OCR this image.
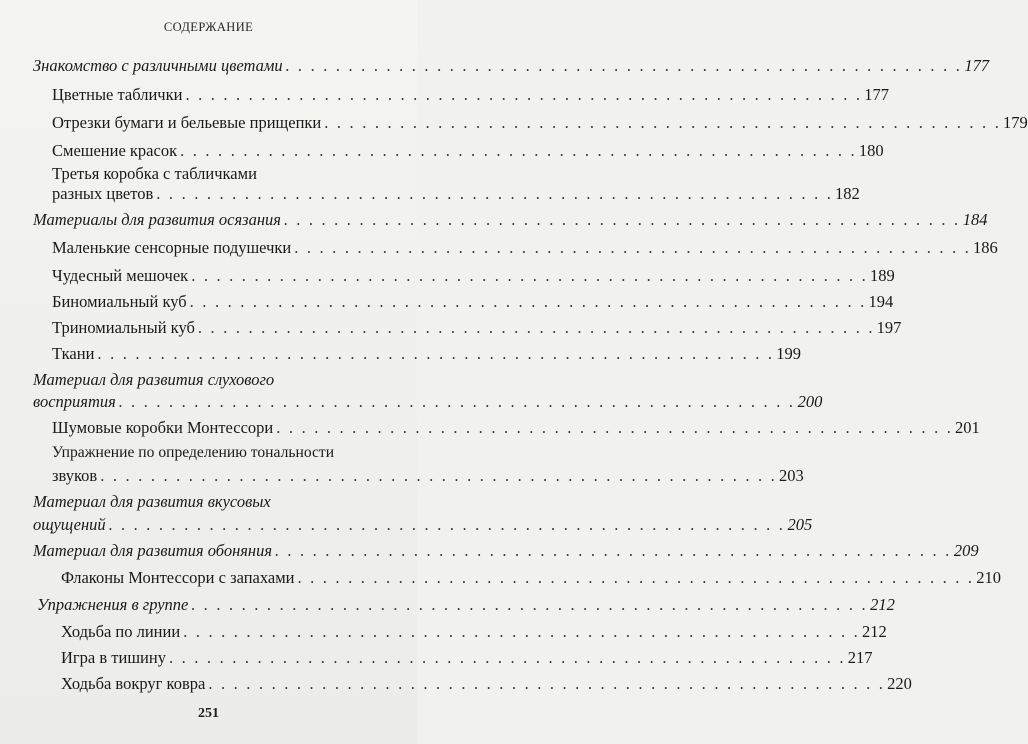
СОДЕРЖАНИЕ
Знакомство с различными цветами . . . . . . . . . . . . . . . . . . . . . . . . . . . . . . . . . . . . . . . . . . . . . . . . . . . . . . 177
Цветные таблички . . . . . . . . . . . . . . . . . . . . . . . . . . . . . . . . . . . . . . . . . . . . . . . . . . . . . . 177
Отрезки бумаги и бельевые прищепки . . . . . . . . . . . . . . . . . . . . . . . . . . . . . . . . . . . . . . . . . . . . . . . . . . . . . . 179
Смешение красок . . . . . . . . . . . . . . . . . . . . . . . . . . . . . . . . . . . . . . . . . . . . . . . . . . . . . . 180
Третья коробка с табличками
разных цветов . . . . . . . . . . . . . . . . . . . . . . . . . . . . . . . . . . . . . . . . . . . . . . . . . . . . . . 182
Материалы для развития осязания . . . . . . . . . . . . . . . . . . . . . . . . . . . . . . . . . . . . . . . . . . . . . . . . . . . . . . 184
Маленькие сенсорные подушечки . . . . . . . . . . . . . . . . . . . . . . . . . . . . . . . . . . . . . . . . . . . . . . . . . . . . . . 186
Чудесный мешочек . . . . . . . . . . . . . . . . . . . . . . . . . . . . . . . . . . . . . . . . . . . . . . . . . . . . . . 189
Биномиальный куб . . . . . . . . . . . . . . . . . . . . . . . . . . . . . . . . . . . . . . . . . . . . . . . . . . . . . . 194
Триномиальный куб . . . . . . . . . . . . . . . . . . . . . . . . . . . . . . . . . . . . . . . . . . . . . . . . . . . . . . 197
Ткани . . . . . . . . . . . . . . . . . . . . . . . . . . . . . . . . . . . . . . . . . . . . . . . . . . . . . . 199
Материал для развития слухового
восприятия . . . . . . . . . . . . . . . . . . . . . . . . . . . . . . . . . . . . . . . . . . . . . . . . . . . . . . 200
Шумовые коробки Монтессори . . . . . . . . . . . . . . . . . . . . . . . . . . . . . . . . . . . . . . . . . . . . . . . . . . . . . . 201
Упражнение по определению тональности
звуков . . . . . . . . . . . . . . . . . . . . . . . . . . . . . . . . . . . . . . . . . . . . . . . . . . . . . . 203
Материал для развития вкусовых
ощущений . . . . . . . . . . . . . . . . . . . . . . . . . . . . . . . . . . . . . . . . . . . . . . . . . . . . . . 205
Материал для развития обоняния . . . . . . . . . . . . . . . . . . . . . . . . . . . . . . . . . . . . . . . . . . . . . . . . . . . . . . 209
Флаконы Монтессори с запахами . . . . . . . . . . . . . . . . . . . . . . . . . . . . . . . . . . . . . . . . . . . . . . . . . . . . . . 210
Упражнения в группе . . . . . . . . . . . . . . . . . . . . . . . . . . . . . . . . . . . . . . . . . . . . . . . . . . . . . . 212
Ходьба по линии . . . . . . . . . . . . . . . . . . . . . . . . . . . . . . . . . . . . . . . . . . . . . . . . . . . . . . 212
Игра в тишину . . . . . . . . . . . . . . . . . . . . . . . . . . . . . . . . . . . . . . . . . . . . . . . . . . . . . . 217
Ходьба вокруг ковра . . . . . . . . . . . . . . . . . . . . . . . . . . . . . . . . . . . . . . . . . . . . . . . . . . . . . . 220
251
